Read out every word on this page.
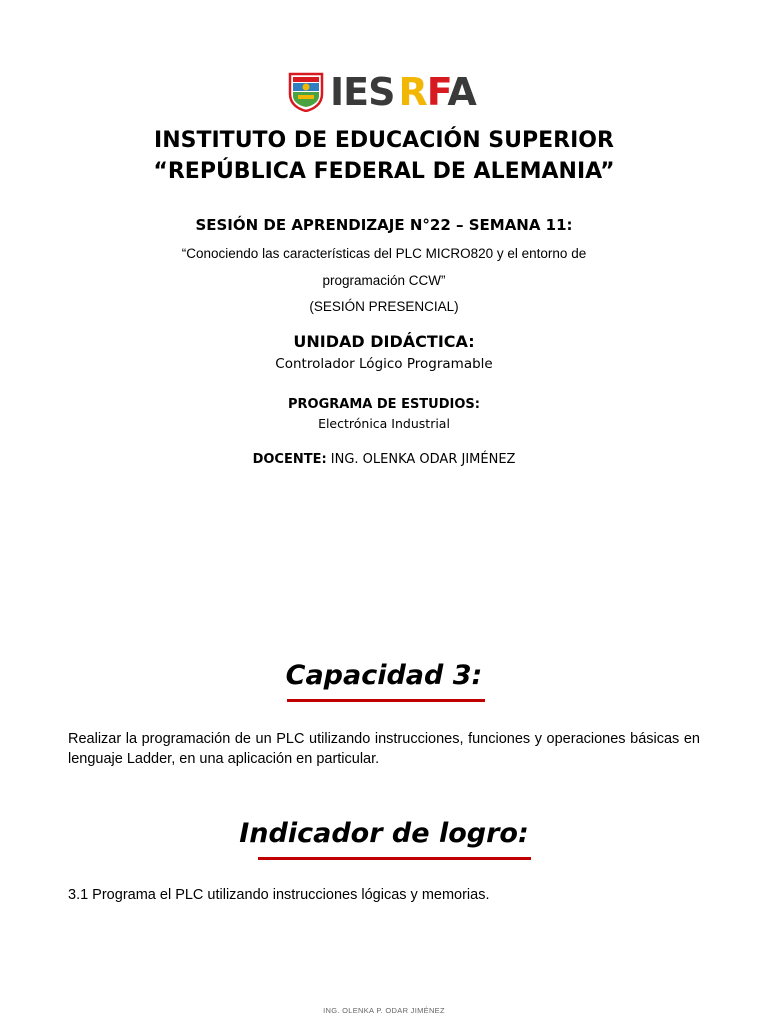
IES RFA
INSTITUTO DE EDUCACIÓN SUPERIOR
“REPÚBLICA FEDERAL DE ALEMANIA”
SESIÓN DE APRENDIZAJE N°22 – SEMANA 11:
“Conociendo las características del PLC MICRO820 y el entorno de
programación CCW”
(SESIÓN PRESENCIAL)
UNIDAD DIDÁCTICA:
Controlador Lógico Programable
PROGRAMA DE ESTUDIOS:
Electrónica Industrial
DOCENTE: ING. OLENKA ODAR JIMÉNEZ
Capacidad 3:
Realizar la programación de un PLC utilizando instrucciones, funciones y operaciones básicas en lenguaje Ladder, en una aplicación en particular.
Indicador de logro:
3.1 Programa el PLC utilizando instrucciones lógicas y memorias.
ING. OLENKA P. ODAR JIMÉNEZ
